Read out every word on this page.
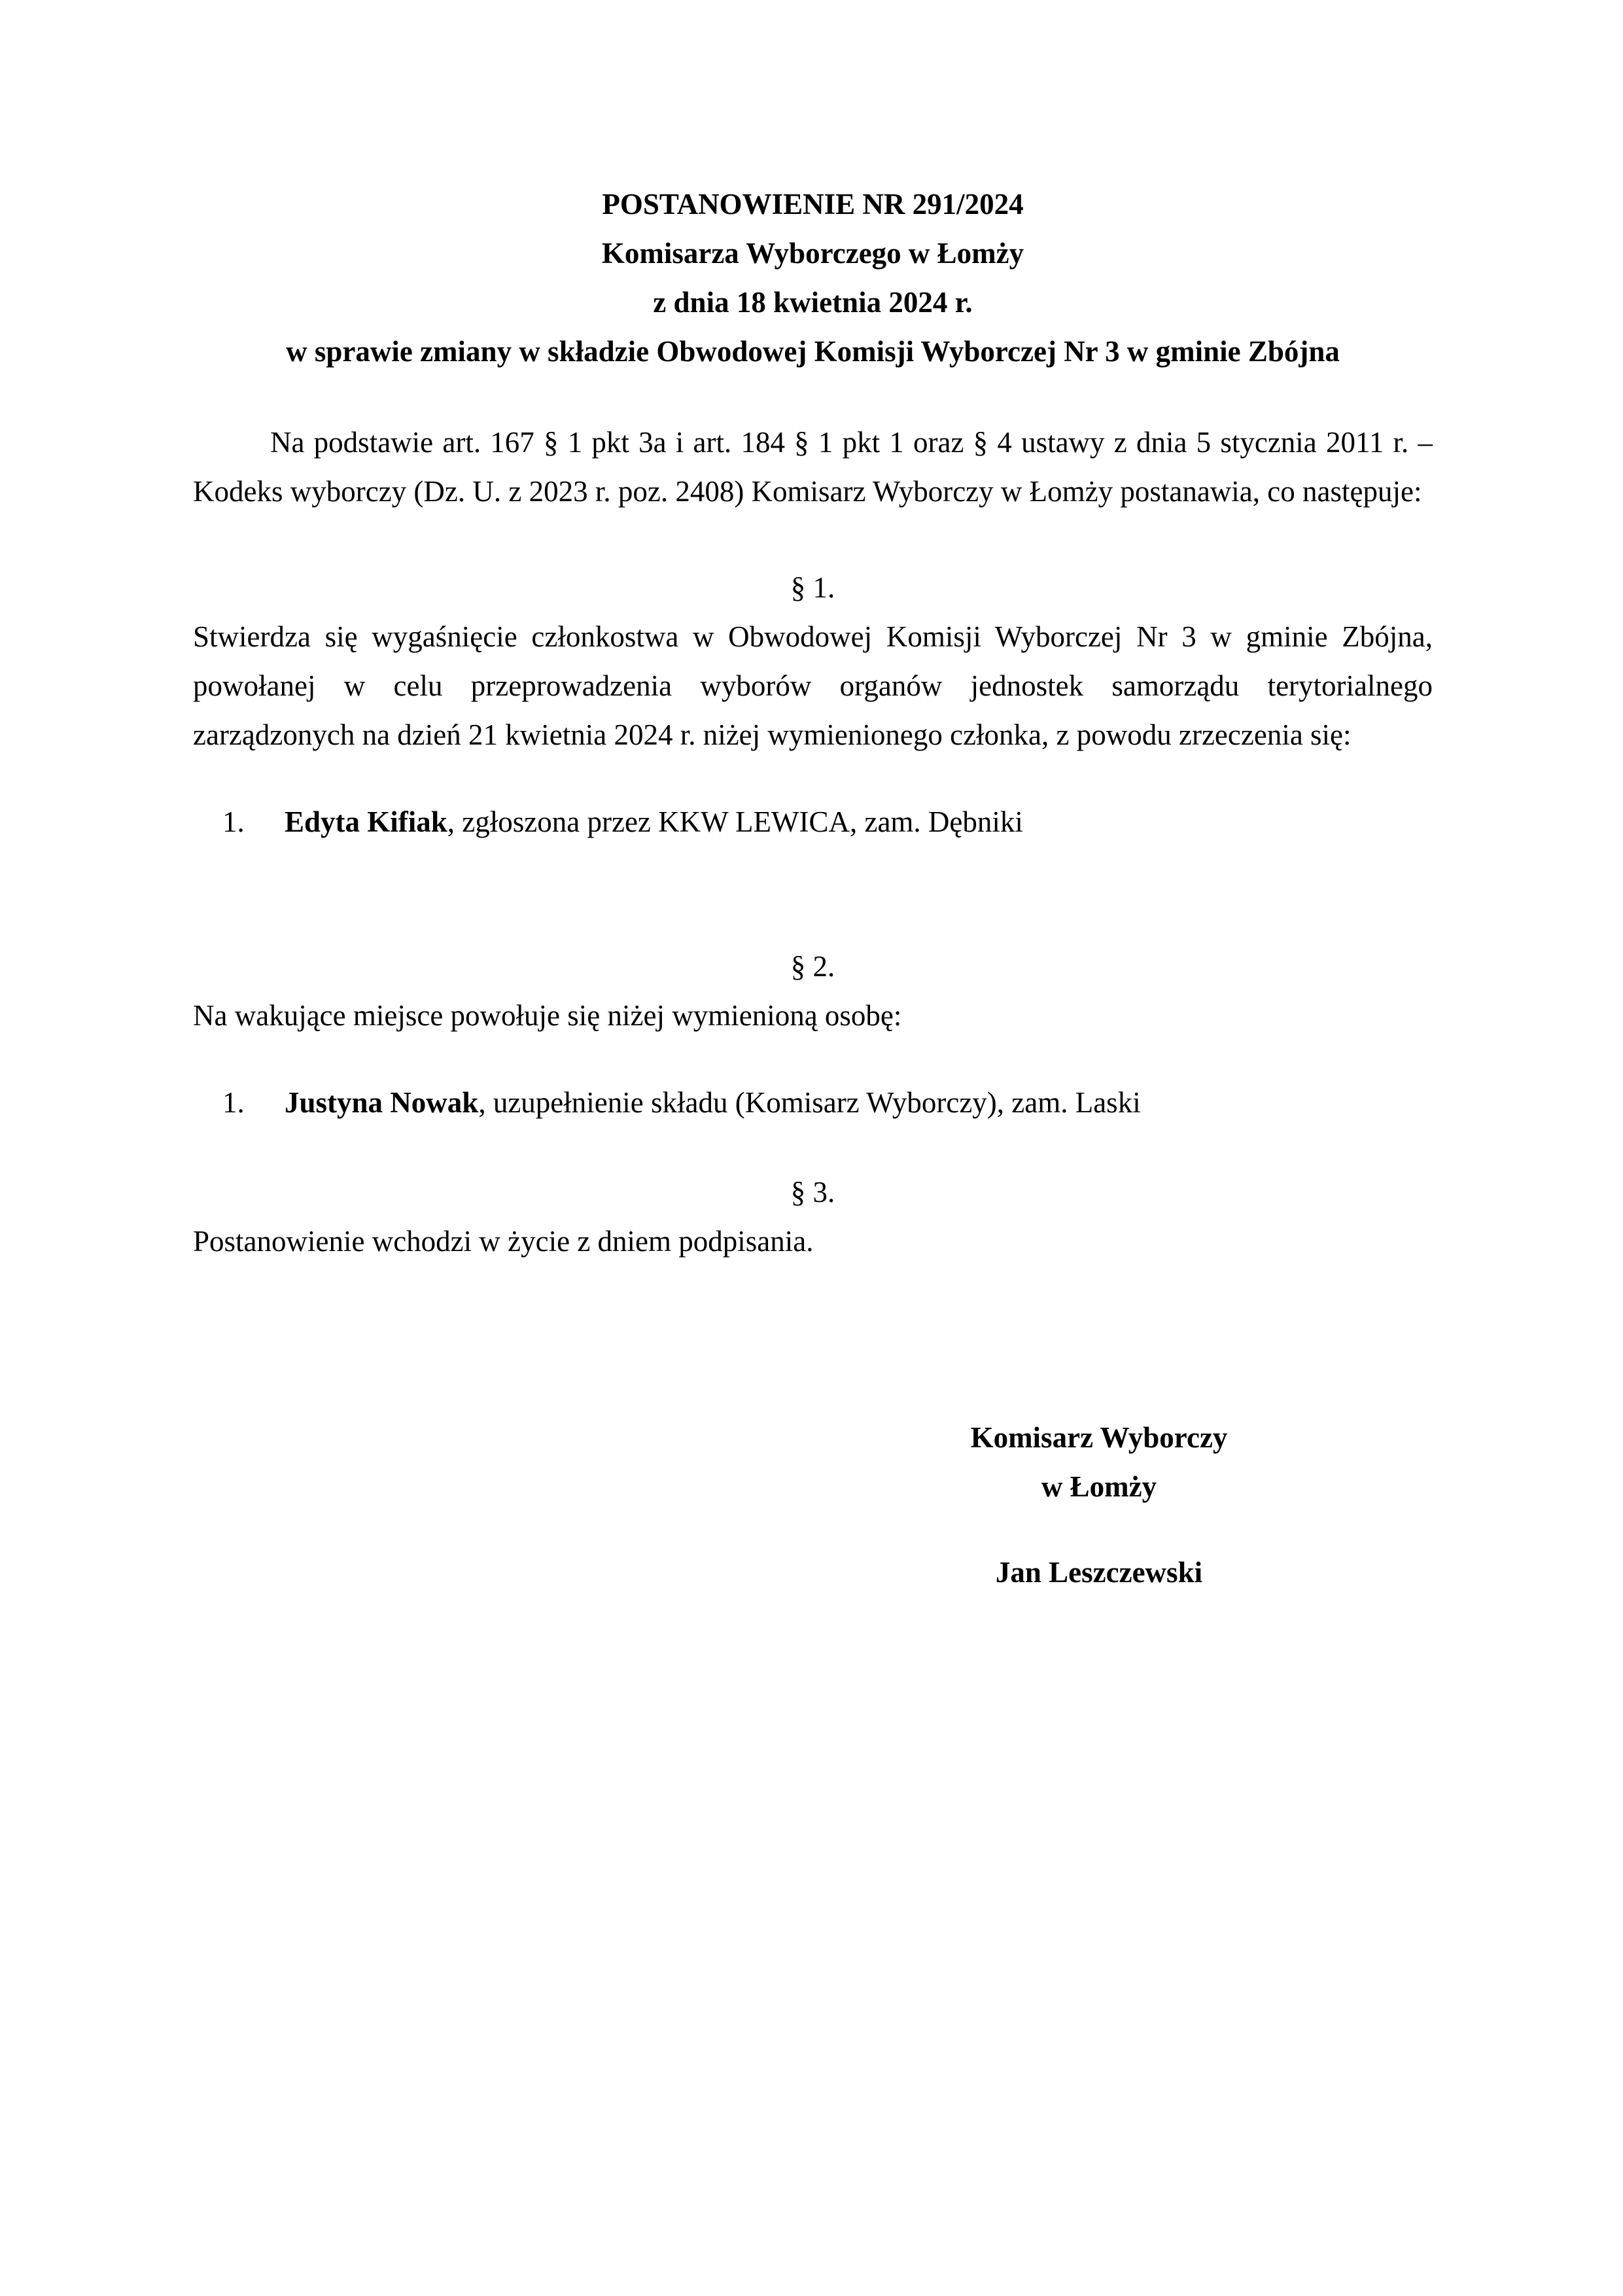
POSTANOWIENIE NR 291/2024
Komisarza Wyborczego w Łomży
z dnia 18 kwietnia 2024 r.
w sprawie zmiany w składzie Obwodowej Komisji Wyborczej Nr 3 w gminie Zbójna
Na podstawie art. 167 § 1 pkt 3a i art. 184 § 1 pkt 1 oraz § 4 ustawy z dnia 5 stycznia 2011 r. – Kodeks wyborczy (Dz. U. z 2023 r. poz. 2408) Komisarz Wyborczy w Łomży postanawia, co następuje:
§ 1.
Stwierdza się wygaśnięcie członkostwa w Obwodowej Komisji Wyborczej Nr 3 w gminie Zbójna, powołanej w celu przeprowadzenia wyborów organów jednostek samorządu terytorialnego zarządzonych na dzień 21 kwietnia 2024 r. niżej wymienionego członka, z powodu zrzeczenia się:
1.	Edyta Kifiak, zgłoszona przez KKW LEWICA, zam. Dębniki
§ 2.
Na wakujące miejsce powołuje się niżej wymienioną osobę:
1.	Justyna Nowak, uzupełnienie składu (Komisarz Wyborczy), zam. Laski
§ 3.
Postanowienie wchodzi w życie z dniem podpisania.
Komisarz Wyborczy
w Łomży
Jan Leszczewski
